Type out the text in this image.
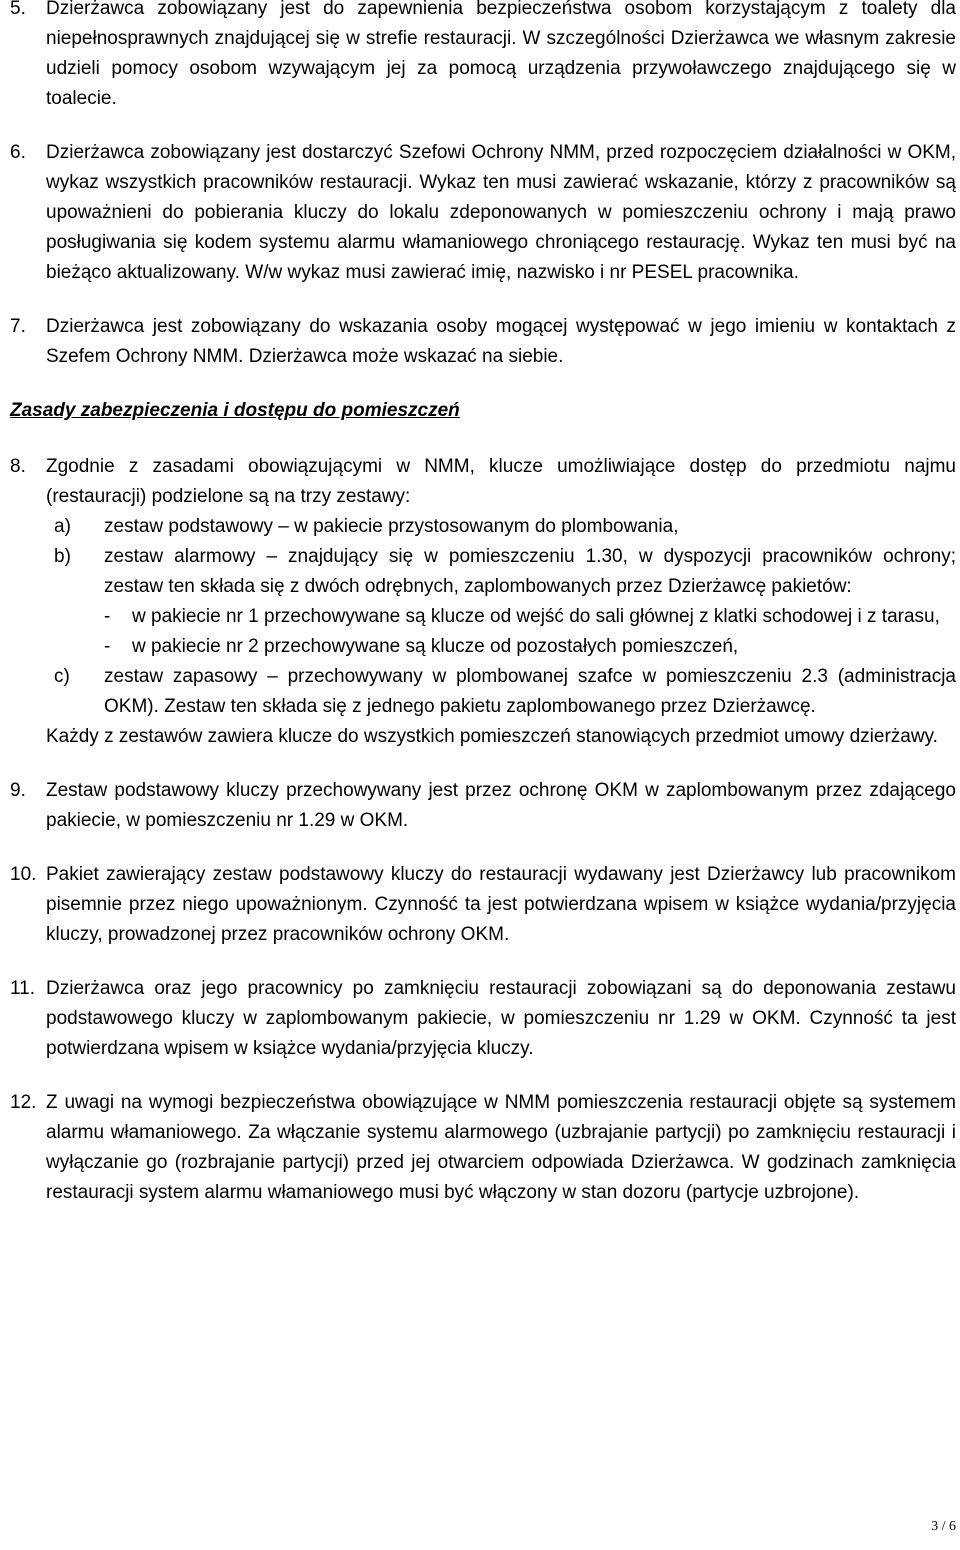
5.	Dzierżawca zobowiązany jest do zapewnienia bezpieczeństwa osobom korzystającym z toalety dla niepełnosprawnych znajdującej się w strefie restauracji. W szczególności Dzierżawca we własnym zakresie udzieli pomocy osobom wzywającym jej za pomocą urządzenia przywoławczego znajdującego się w toalecie.

6.	Dzierżawca zobowiązany jest dostarczyć Szefowi Ochrony NMM, przed rozpoczęciem działalności w OKM, wykaz wszystkich pracowników restauracji. Wykaz ten musi zawierać wskazanie, którzy z pracowników są upoważnieni do pobierania kluczy do lokalu zdeponowanych w pomieszczeniu ochrony i mają prawo posługiwania się kodem systemu alarmu włamaniowego chroniącego restaurację. Wykaz ten musi być na bieżąco aktualizowany. W/w wykaz musi zawierać imię, nazwisko i nr PESEL pracownika.

7.	Dzierżawca jest zobowiązany do wskazania osoby mogącej występować w jego imieniu w kontaktach z Szefem Ochrony NMM. Dzierżawca może wskazać na siebie.

Zasady zabezpieczenia i dostępu do pomieszczeń
8.	Zgodnie z zasadami obowiązującymi w NMM, klucze umożliwiające dostęp do przedmiotu najmu (restauracji) podzielone są na trzy zestawy:

a)	zestaw podstawowy – w pakiecie przystosowanym do plombowania,
b)	zestaw alarmowy – znajdujący się w pomieszczeniu 1.30, w dyspozycji pracowników ochrony; zestaw ten składa się z dwóch odrębnych, zaplombowanych przez Dzierżawcę pakietów:
-	w pakiecie nr 1 przechowywane są klucze od wejść do sali głównej z klatki schodowej i z tarasu,
-	w pakiecie nr 2 przechowywane są klucze od pozostałych pomieszczeń,
c)	zestaw zapasowy – przechowywany w plombowanej szafce w pomieszczeniu 2.3 (administracja OKM). Zestaw ten składa się z jednego pakietu zaplombowanego przez Dzierżawcę.

Każdy z zestawów zawiera klucze do wszystkich pomieszczeń stanowiących przedmiot umowy dzierżawy.

9.	Zestaw podstawowy kluczy przechowywany jest przez ochronę OKM w zaplombowanym przez zdającego pakiecie, w pomieszczeniu nr 1.29 w OKM.

10. Pakiet zawierający zestaw podstawowy kluczy do restauracji wydawany jest Dzierżawcy lub pracownikom pisemnie przez niego upoważnionym. Czynność ta jest potwierdzana wpisem w książce wydania/przyjęcia kluczy, prowadzonej przez pracowników ochrony OKM.

11. Dzierżawca oraz jego pracownicy po zamknięciu restauracji zobowiązani są do deponowania zestawu podstawowego kluczy w zaplombowanym pakiecie, w pomieszczeniu nr 1.29 w OKM. Czynność ta jest potwierdzana wpisem w książce wydania/przyjęcia kluczy.

12. Z uwagi na wymogi bezpieczeństwa obowiązujące w NMM pomieszczenia restauracji objęte są systemem alarmu włamaniowego. Za włączanie systemu alarmowego (uzbrajanie partycji) po zamknięciu restauracji i wyłączanie go (rozbrajanie partycji) przed jej otwarciem odpowiada Dzierżawca. W godzinach zamknięcia restauracji system alarmu włamaniowego musi być włączony w stan dozoru (partycje uzbrojone).

3 / 6
